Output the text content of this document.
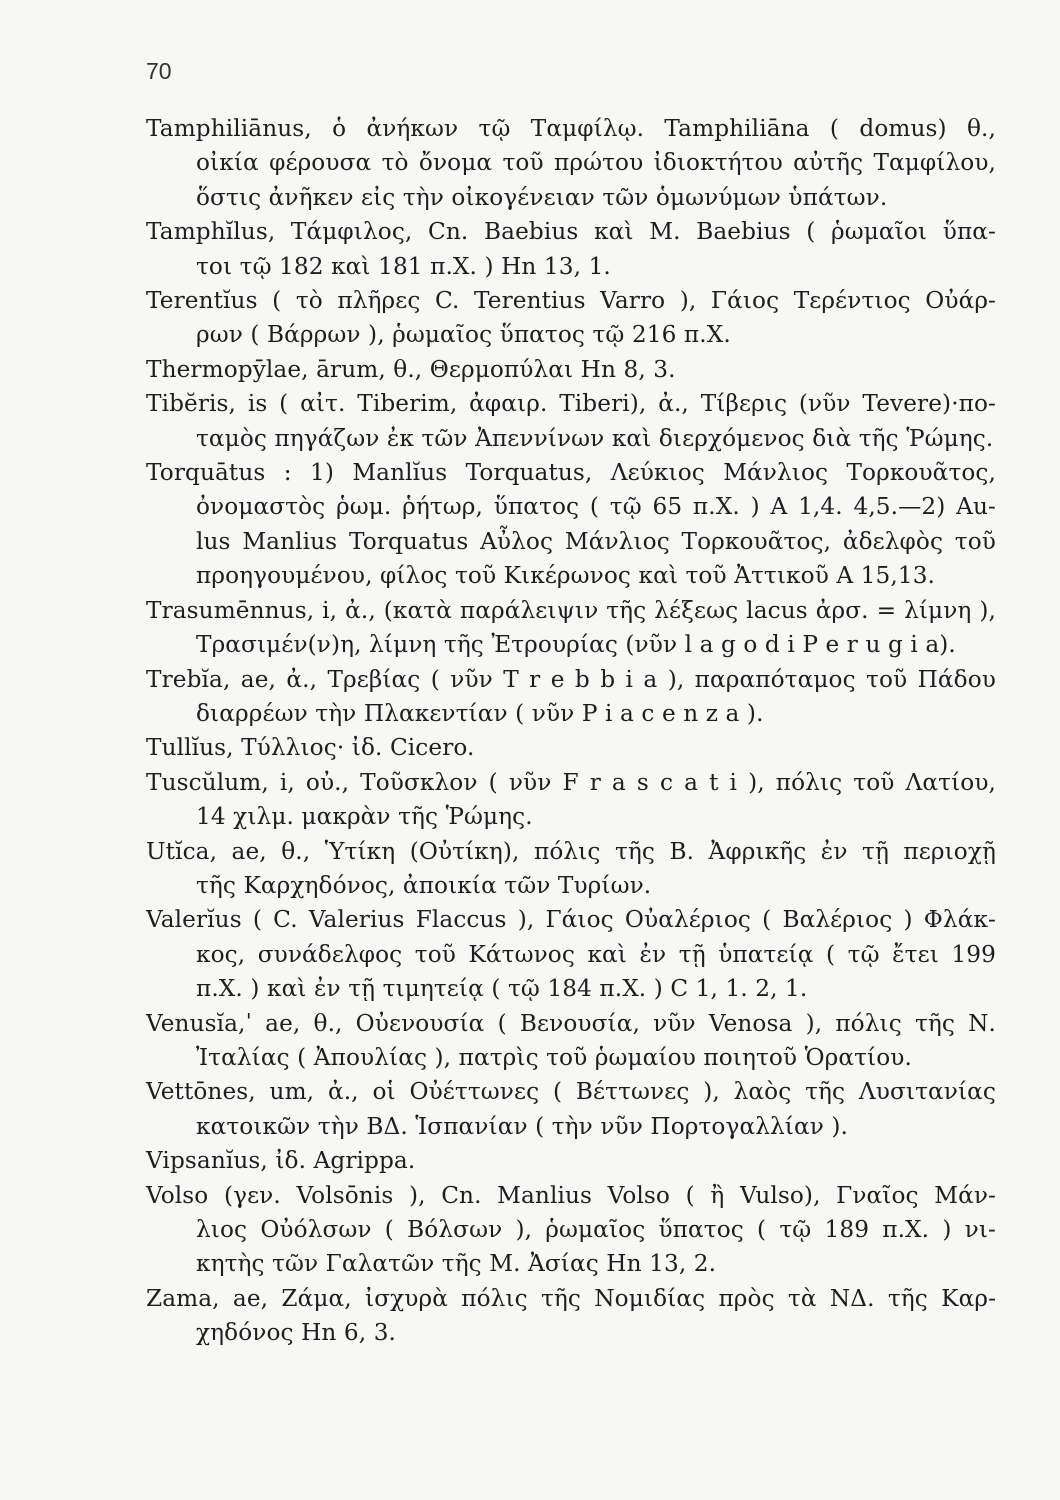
70
Tamphiliānus, ὁ ἀνήκων τῷ Ταμφίλῳ. Tamphiliāna ( domus) θ.,
οἰκία φέρουσα τὸ ὄνομα τοῦ πρώτου ἰδιοκτήτου αὐτῆς Ταμφίλου,
ὅστις ἀνῆκεν εἰς τὴν οἰκογένειαν τῶν ὁμωνύμων ὑπάτων.
Tamphĭlus, Τάμφιλος, Cn. Baebius καὶ M. Baebius ( ῥωμαῖοι ὕπα-
τοι τῷ 182 καὶ 181 π.Χ. ) Hn 13, 1.
Terentĭus ( τὸ πλῆρες C. Terentius Varro ), Γάιος Τερέντιος Οὐάρ-
ρων ( Βάρρων ), ῥωμαῖος ὕπατος τῷ 216 π.Χ.
Thermopȳlae, ārum, θ., Θερμοπύλαι Hn 8, 3.
Tibĕris, is ( αἰτ. Tiberim, ἀφαιρ. Tiberi), ἀ., Τίβερις (νῦν Tevere)·πο-
ταμὸς πηγάζων ἐκ τῶν Ἀπεννίνων καὶ διερχόμενος διὰ τῆς Ῥώμης.
Torquātus : 1) Manlĭus Torquatus, Λεύκιος Μάνλιος Τορκουᾶτος,
ὀνομαστὸς ῥωμ. ῥήτωρ, ὕπατος ( τῷ 65 π.Χ. ) A 1,4. 4,5.—2) Au-
lus Manlius Torquatus Αὖλος Μάνλιος Τορκουᾶτος, ἀδελφὸς τοῦ
προηγουμένου, φίλος τοῦ Κικέρωνος καὶ τοῦ Ἀττικοῦ A 15,13.
Trasumēnnus, i, ἀ., (κατὰ παράλειψιν τῆς λέξεως lacus ἀρσ. = λίμνη ),
Τρασιμέν(ν)η, λίμνη τῆς Ἐτρουρίας (νῦν l a g o d i P e r u g i a).
Trebĭa, ae, ἀ., Τρεβίας ( νῦν T r e b b i a ), παραπόταμος τοῦ Πάδου
διαρρέων τὴν Πλακεντίαν ( νῦν P i a c e n z a ).
Tullĭus, Τύλλιος· ἰδ. Cicero.
Tuscŭlum, i, οὐ., Τοῦσκλον ( νῦν F r a s c a t i ), πόλις τοῦ Λατίου,
14 χιλμ. μακρὰν τῆς Ῥώμης.
Utĭca, ae, θ., Ὑτίκη (Οὐτίκη), πόλις τῆς Β. Ἀφρικῆς ἐν τῇ περιοχῇ
τῆς Καρχηδόνος, ἀποικία τῶν Τυρίων.
Valerĭus ( C. Valerius Flaccus ), Γάιος Οὐαλέριος ( Βαλέριος ) Φλάκ-
κος, συνάδελφος τοῦ Κάτωνος καὶ ἐν τῇ ὑπατείᾳ ( τῷ ἔτει 199
π.Χ. ) καὶ ἐν τῇ τιμητείᾳ ( τῷ 184 π.Χ. ) C 1, 1. 2, 1.
Venusĭa,ˈ ae, θ., Οὐενουσία ( Βενουσία, νῦν Venosa ), πόλις τῆς Ν.
Ἰταλίας ( Ἀπουλίας ), πατρὶς τοῦ ῥωμαίου ποιητοῦ Ὁρατίου.
Vettōnes, um, ἀ., οἱ Οὐέττωνες ( Βέττωνες ), λαὸς τῆς Λυσιτανίας
κατοικῶν τὴν ΒΔ. Ἱσπανίαν ( τὴν νῦν Πορτογαλλίαν ).
Vipsanĭus, ἰδ. Agrippa.
Volso (γεν. Volsōnis ), Cn. Manlius Volso ( ἢ Vulso), Γναῖος Μάν-
λιος Οὐόλσων ( Βόλσων ), ῥωμαῖος ὕπατος ( τῷ 189 π.Χ. ) νι-
κητὴς τῶν Γαλατῶν τῆς Μ. Ἀσίας Hn 13, 2.
Zama, ae, Ζάμα, ἰσχυρὰ πόλις τῆς Νομιδίας πρὸς τὰ ΝΔ. τῆς Καρ-
χηδόνος Hn 6, 3.
